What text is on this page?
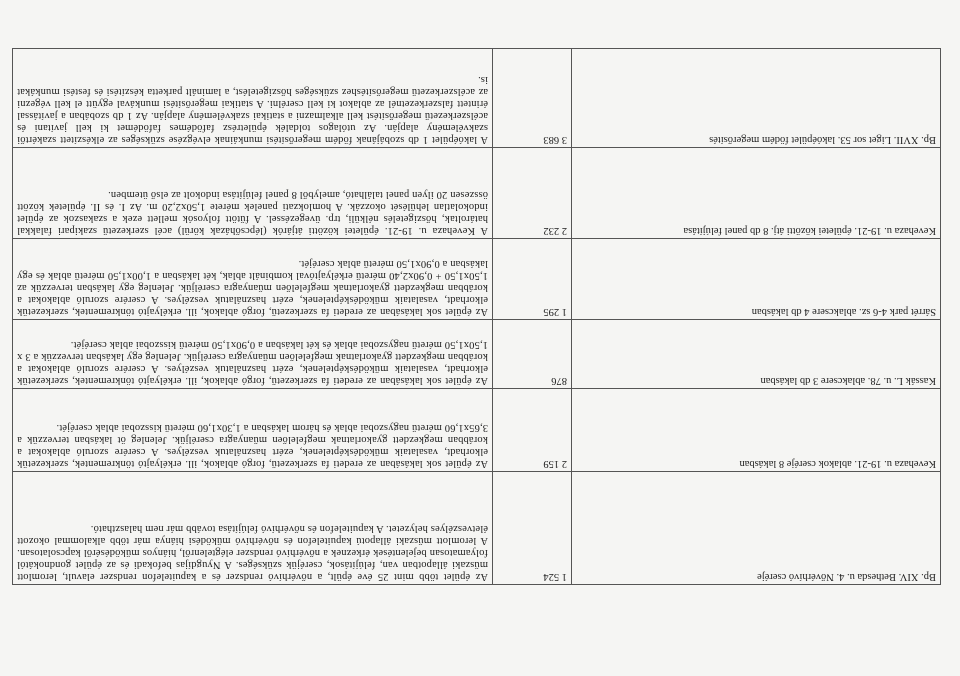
Bp. XIV. Bethesda u. 4. Nővérhívó cseréje	1 524	Az épület több mint 25 éve épült, a nővérhívó rendszer és a kapuitelefon rendszer elavult, leromlott műszaki állapotban van, felújítások, cseréjük szükséges. A Nyugdíjas befokadi és az épület gondnokától folyamatosan bejelentések érkeznek a nővérhívó rendszer elégtelenről, hiányos működéséről kapcsolatosan. A leromlott műszaki állapotú kapuitelefon és nővérhívó működési hiánya már több alkalommal okozott életveszélyes helyzetet. A kapuitelefon és nővérhívó felújítása tovább már nem halasztható.
Kevehaza u. 19-21. ablakok cseréje 8 lakásban	2 159	Az épület sok lakásában az eredeti fa szerkezetű, forgó ablakok, ill. erkélyajtó tönkrementek, szerkezetük elkorhadt, vasalataik működésképtelenek, ezért használatuk veszélyes. A cserére szoruló ablakokat a korábban megkezdett gyakorlatnak megfelelően műanyagra cseréljük. Jelenleg öt lakásban tervezzük a 3,65x1,60 méretű nagyszobai ablak és három lakásban a 1,30x1,60 méretű kisszobai ablak cseréjét.
Kassák L. u. 78. ablakcsere 3 db lakásban	876	Az épület sok lakásában az eredeti fa szerkezetű, forgó ablakok, ill. erkélyajtó tönkrementek, szerkezetük elkorhadt, vasalataik működésképtelenek, ezért használatuk veszélyes. A cserére szoruló ablakokat a korábban megkezdett gyakorlatnak megfelelően műanyagra cseréljük. Jelenleg egy lakásban tervezzük a 3 x 1,50x1,50 méretű nagyszobai ablak és két lakásban a 0,90x1,50 méretű kisszobai ablak cseréjét.
Sárrét park 4-6 sz. ablakcsere 4 db lakásban	1 295	Az épület sok lakásában az eredeti fa szerkezetű, forgó ablakok, ill. erkélyajtó tönkrementek, szerkezetük elkorhadt, vasalataik működésképtelenek, ezért használatuk veszélyes. A cserére szoruló ablakokat a korábban megkezdett gyakorlatnak megfelelően műanyagra cseréljük. Jelenleg egy lakásban tervezzük az 1,50x1,50 + 0,90x2,40 méretű erkélyajtóval kombinált ablak, két lakásban a 1,00x1,50 méretű ablak és egy lakásban a 0,90x1,50 méretű ablak cseréjét.
Kevehaza u. 19-21. épületei közötti átj. 8 db panel felújítása	2 232	A Kevehaza u. 19-21. épületei közötti átjárók (lépcsőházak körül) acél szerkezetű szakipari falakkal határoltak, hőszigetelés nélküli, trp. üvegezéssel. A fűtött folyosók mellett ezek a szakaszok az épület indokolatlan lehűlését okozzák. A homlokzati panelek mérete 1,50x2,20 m. Az I. és II. épületek között összesen 20 ilyen panel található, amelyből 8 panel felújítása indokolt az első ütemben.
Bp. XVII. Liget sor 53. lakóépület födém megerősítés	3 683	A lakóépület 1 db szobájának födém megerősítési munkáinak elvégzése szükséges az elkészített szakértői szakvélemény alapján. Az utólagos toldalék épületrész fafödémes fafödémet ki kell javítani és acélszerkezetű megerősítést kell alkalmazni a statikai szakvélemény alapján. Az 1 db szobában a javítással érintett falszerkezetnél az ablakot ki kell cserélni. A statikai megerősítési munkával együtt el kell végezni az acélszerkezetű megerősítéshez szükséges hőszigetelést, a laminált parketta készítési és festési munkákat is.
